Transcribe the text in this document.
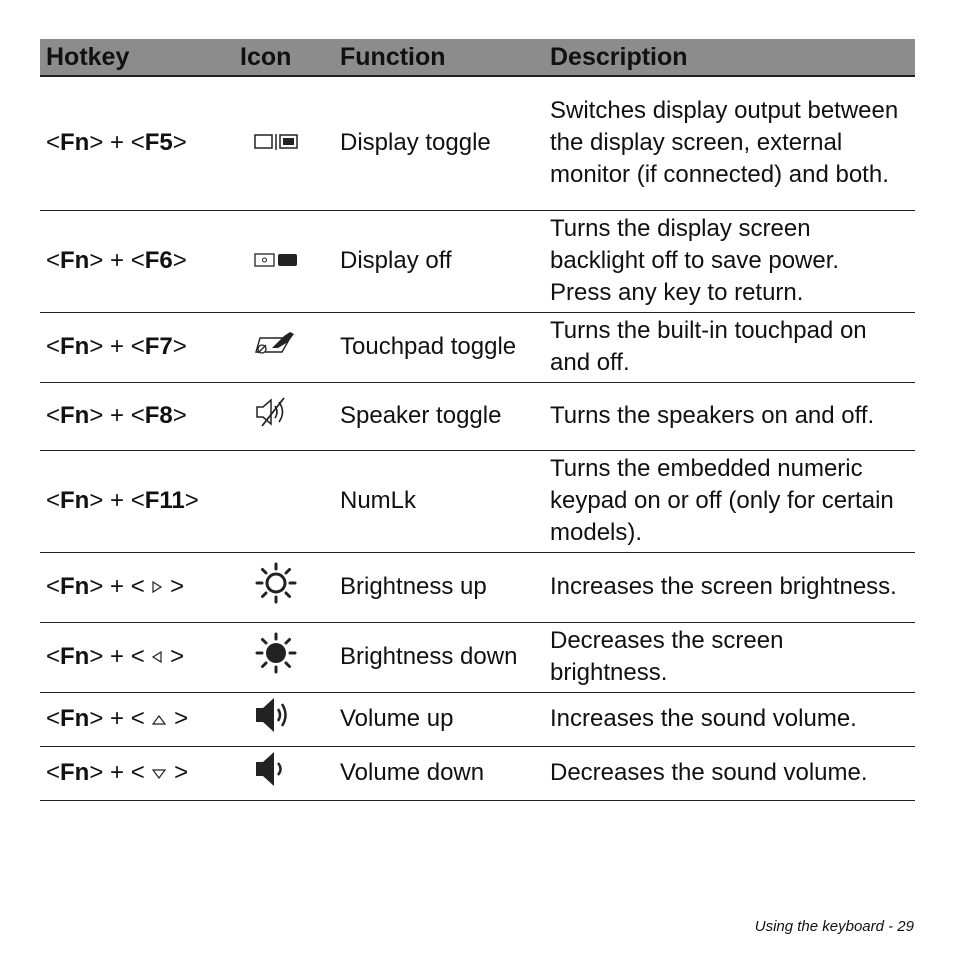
Hotkey	Icon	Function	Description
<Fn> + <F5>		Display toggle	Switches display output between the display screen, external monitor (if connected) and both.
<Fn> + <F6>		Display off	Turns the display screen backlight off to save power. Press any key to return.
<Fn> + <F7>		Touchpad toggle	Turns the built-in touchpad on and off.
<Fn> + <F8>		Speaker toggle	Turns the speakers on and off.
<Fn> + <F11>		NumLk	Turns the embedded numeric keypad on or off (only for certain models).
<Fn> + <  >		Brightness up	Increases the screen brightness.
<Fn> + <  >		Brightness down	Decreases the screen brightness.
<Fn> + <  >		Volume up	Increases the sound volume.
<Fn> + <  >		Volume down	Decreases the sound volume.
Using the keyboard - 29
